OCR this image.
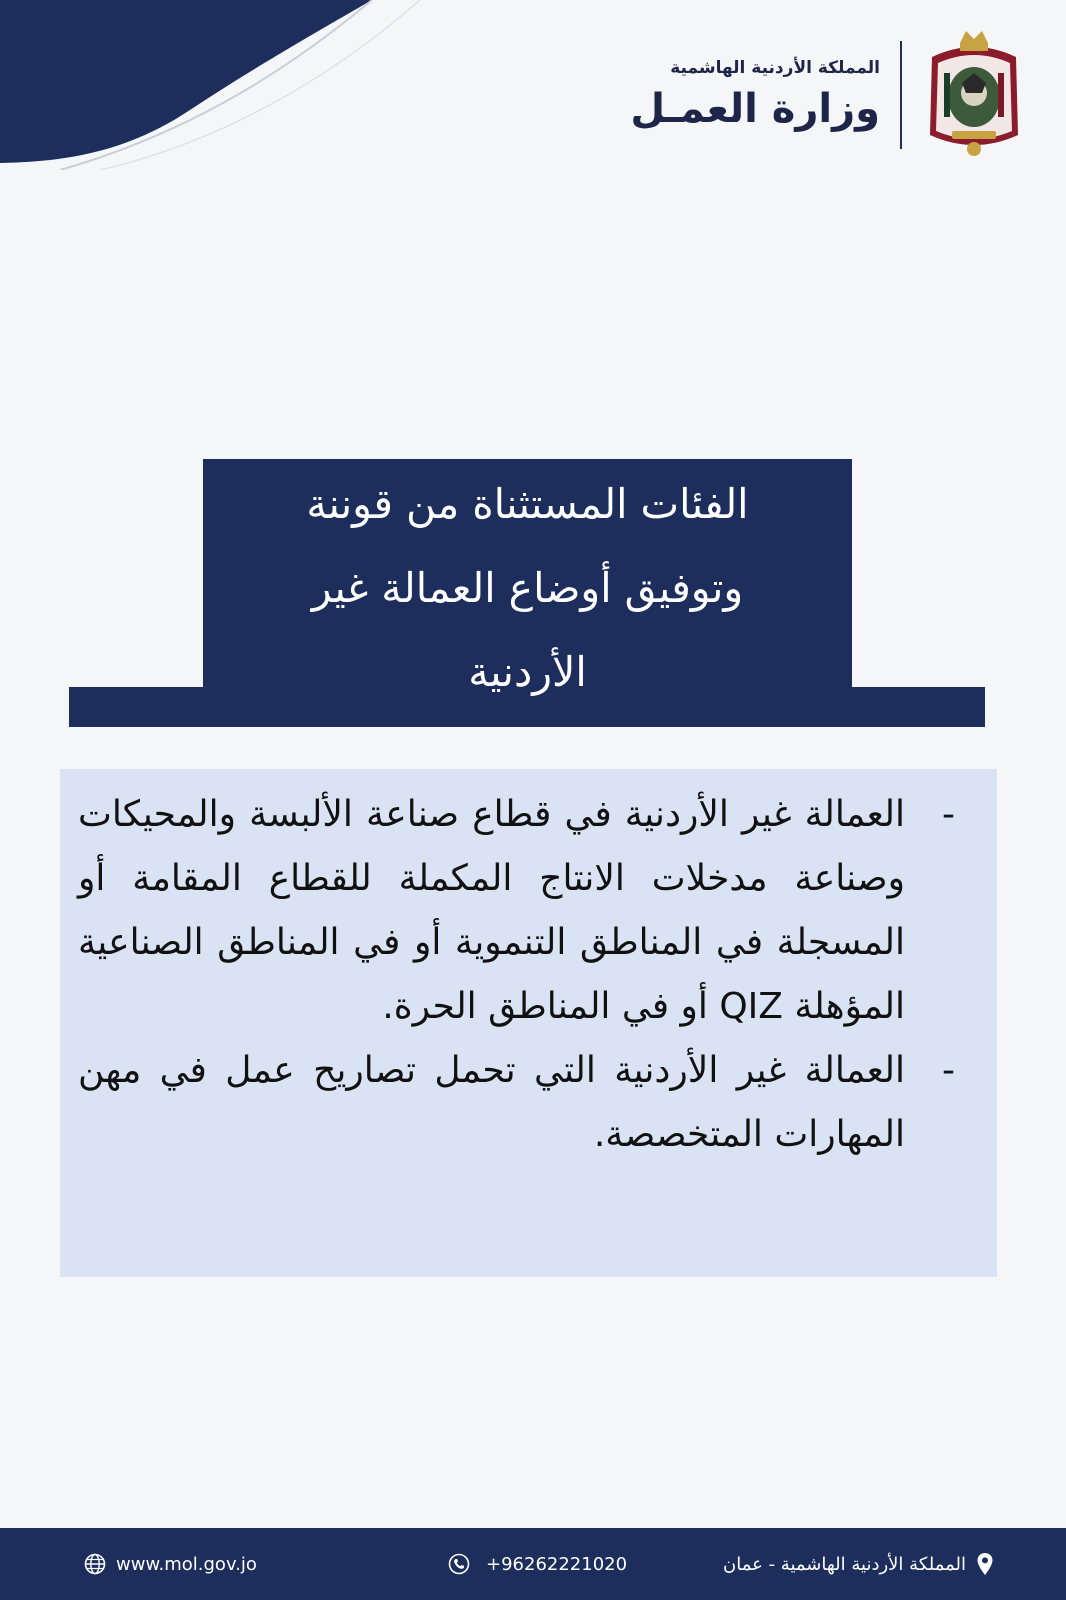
المملكة الأردنية الهاشمية
وزارة العمـل
الفئات المستثناة من قوننة
وتوفيق أوضاع العمالة غير
الأردنية
-
العمالة غير الأردنية في قطاع صناعة الألبسة والمحيكات وصناعة مدخلات الانتاج المكملة للقطاع المقامة أو المسجلة في المناطق التنموية أو في المناطق الصناعية المؤهلة QIZ أو في المناطق الحرة.
-
العمالة غير الأردنية التي تحمل تصاريح عمل في مهن المهارات المتخصصة.
www.mol.gov.jo	+96262221020	المملكة الأردنية الهاشمية - عمان
